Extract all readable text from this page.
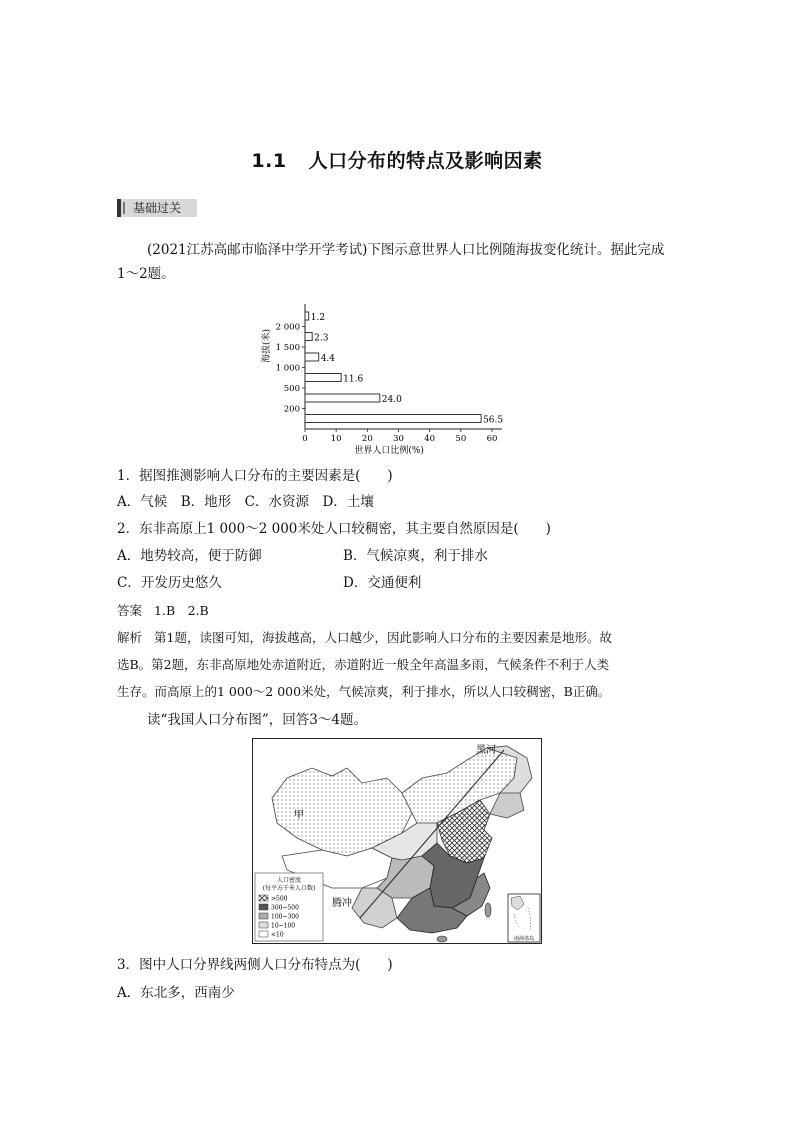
1.1 人口分布的特点及影响因素
基础过关
(2021江苏高邮市临泽中学开学考试)下图示意世界人口比例随海拔变化统计。据此完成
1～2题。
56.5
24.0
11.6
4.4
2.3
1.2
200
500
1 000
1 500
2 000
0	10 20 30 40 50 60
海拔(米)
世界人口比例(%)
1．据图推测影响人口分布的主要因素是(　　)
A．气候　B．地形　C．水资源　D．土壤
2．东非高原上1 000～2 000米处人口较稠密，其主要自然原因是(　　)
A．地势较高，便于防御	B．气候凉爽，利于排水
C．开发历史悠久	D．交通便利
答案 1.B　2.B
解析 第1题，读图可知，海拔越高，人口越少，因此影响人口分布的主要因素是地形。故
选B。第2题，东非高原地处赤道附近，赤道附近一般全年高温多雨，气候条件不利于人类
生存。而高原上的1 000～2 000米处，气候凉爽，利于排水，所以人口较稠密，B正确。
读“我国人口分布图”，回答3～4题。
黑河
甲
腾冲
人口密度
(每平方千米人口数)
>500
300~500
100~300
10~100
<10
南海诸岛
3．图中人口分界线两侧人口分布特点为(　　)
A．东北多，西南少
